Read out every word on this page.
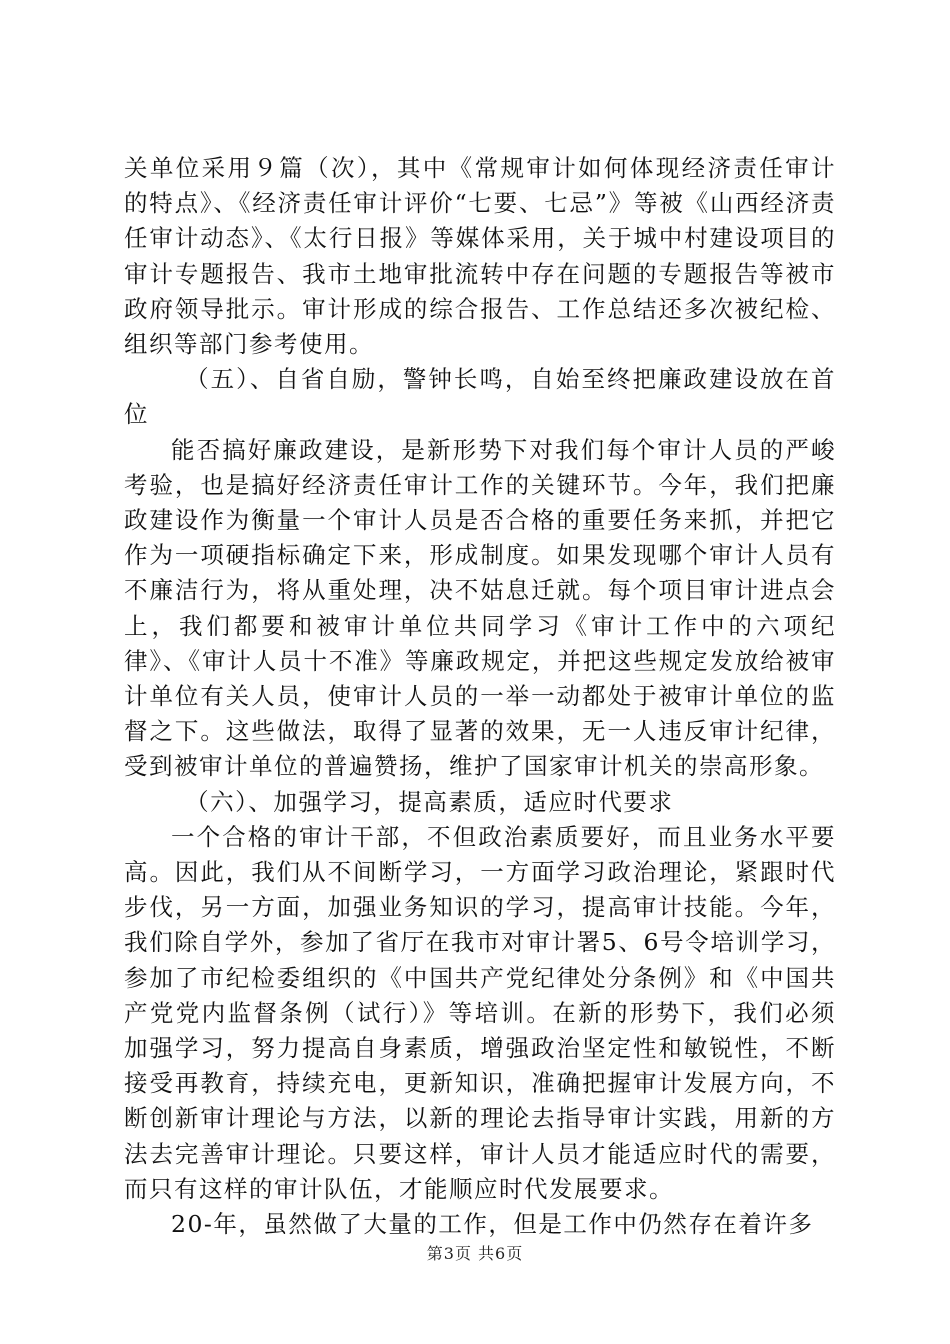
关单位采用９篇（次），其中《常规审计如何体现经济责任审计的特点》、《经济责任审计评价“七要、七忌”》等被《山西经济责任审计动态》、《太行日报》等媒体采用，关于城中村建设项目的审计专题报告、我市土地审批流转中存在问题的专题报告等被市政府领导批示。审计形成的综合报告、工作总结还多次被纪检、组织等部门参考使用。

（五）、自省自励，警钟长鸣，自始至终把廉政建设放在首位

能否搞好廉政建设，是新形势下对我们每个审计人员的严峻考验，也是搞好经济责任审计工作的关键环节。今年，我们把廉政建设作为衡量一个审计人员是否合格的重要任务来抓，并把它作为一项硬指标确定下来，形成制度。如果发现哪个审计人员有不廉洁行为，将从重处理，决不姑息迁就。每个项目审计进点会上，我们都要和被审计单位共同学习《审计工作中的六项纪律》、《审计人员十不准》等廉政规定，并把这些规定发放给被审计单位有关人员，使审计人员的一举一动都处于被审计单位的监督之下。这些做法，取得了显著的效果，无一人违反审计纪律，受到被审计单位的普遍赞扬，维护了国家审计机关的崇高形象。

（六）、加强学习，提高素质，适应时代要求

一个合格的审计干部，不但政治素质要好，而且业务水平要高。因此，我们从不间断学习，一方面学习政治理论，紧跟时代步伐，另一方面，加强业务知识的学习，提高审计技能。今年，我们除自学外，参加了省厅在我市对审计署5、6号令培训学习，参加了市纪检委组织的《中国共产党纪律处分条例》和《中国共产党党内监督条例（试行）》等培训。在新的形势下，我们必须加强学习，努力提高自身素质，增强政治坚定性和敏锐性，不断接受再教育，持续充电，更新知识，准确把握审计发展方向，不断创新审计理论与方法，以新的理论去指导审计实践，用新的方法去完善审计理论。只要这样，审计人员才能适应时代的需要，而只有这样的审计队伍，才能顺应时代发展要求。

20-年，虽然做了大量的工作，但是工作中仍然存在着许多

第3页 共6页
